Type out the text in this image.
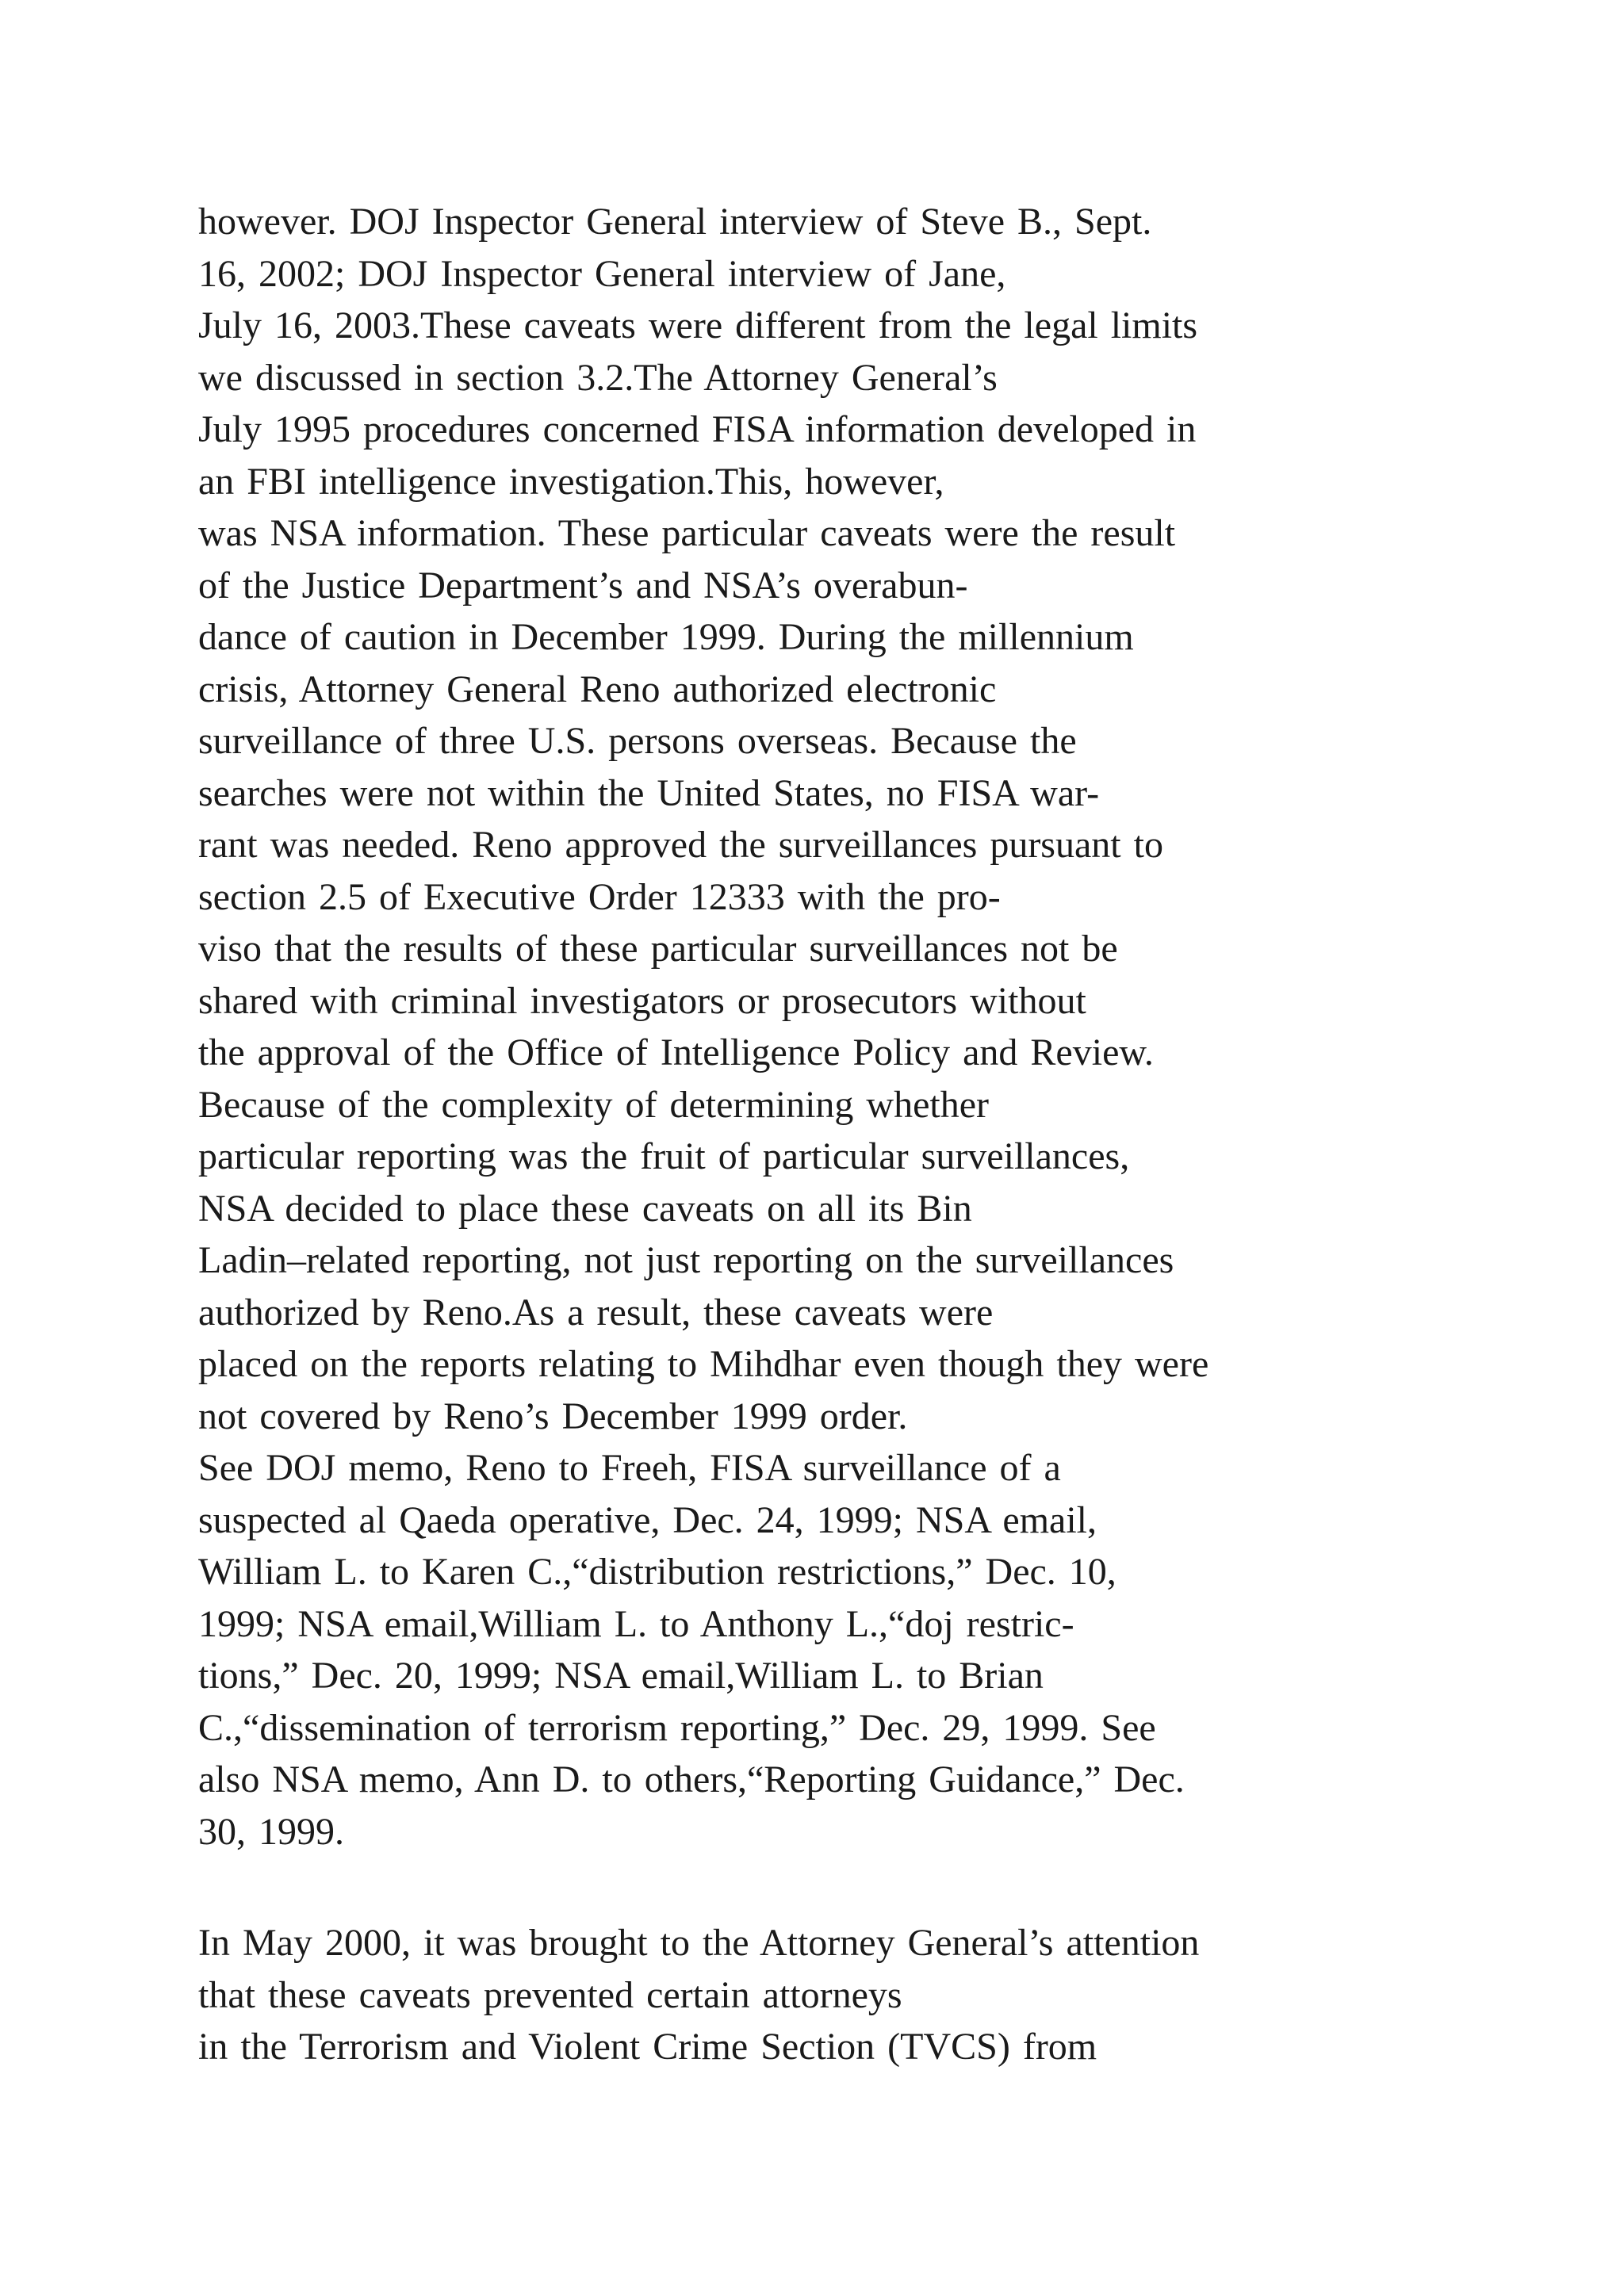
however. DOJ Inspector General interview of Steve B., Sept.
16, 2002; DOJ Inspector General interview of Jane,
July 16, 2003.These caveats were different from the legal limits
we discussed in section 3.2.The Attorney General’s
July 1995 procedures concerned FISA information developed in
an FBI intelligence investigation.This, however,
was NSA information. These particular caveats were the result
of the Justice Department’s and NSA’s overabun-
dance of caution in December 1999. During the millennium
crisis, Attorney General Reno authorized electronic
surveillance of three U.S. persons overseas. Because the
searches were not within the United States, no FISA war-
rant was needed. Reno approved the surveillances pursuant to
section 2.5 of Executive Order 12333 with the pro-
viso that the results of these particular surveillances not be
shared with criminal investigators or prosecutors without
the approval of the Office of Intelligence Policy and Review.
Because of the complexity of determining whether
particular reporting was the fruit of particular surveillances,
NSA decided to place these caveats on all its Bin
Ladin–related reporting, not just reporting on the surveillances
authorized by Reno.As a result, these caveats were
placed on the reports relating to Mihdhar even though they were
not covered by Reno’s December 1999 order.
See DOJ memo, Reno to Freeh, FISA surveillance of a
suspected al Qaeda operative, Dec. 24, 1999; NSA email,
William L. to Karen C.,“distribution restrictions,” Dec. 10,
1999; NSA email,William L. to Anthony L.,“doj restric-
tions,” Dec. 20, 1999; NSA email,William L. to Brian
C.,“dissemination of terrorism reporting,” Dec. 29, 1999. See
also NSA memo, Ann D. to others,“Reporting Guidance,” Dec.
30, 1999.
In May 2000, it was brought to the Attorney General’s attention
that these caveats prevented certain attorneys
in the Terrorism and Violent Crime Section (TVCS) from
